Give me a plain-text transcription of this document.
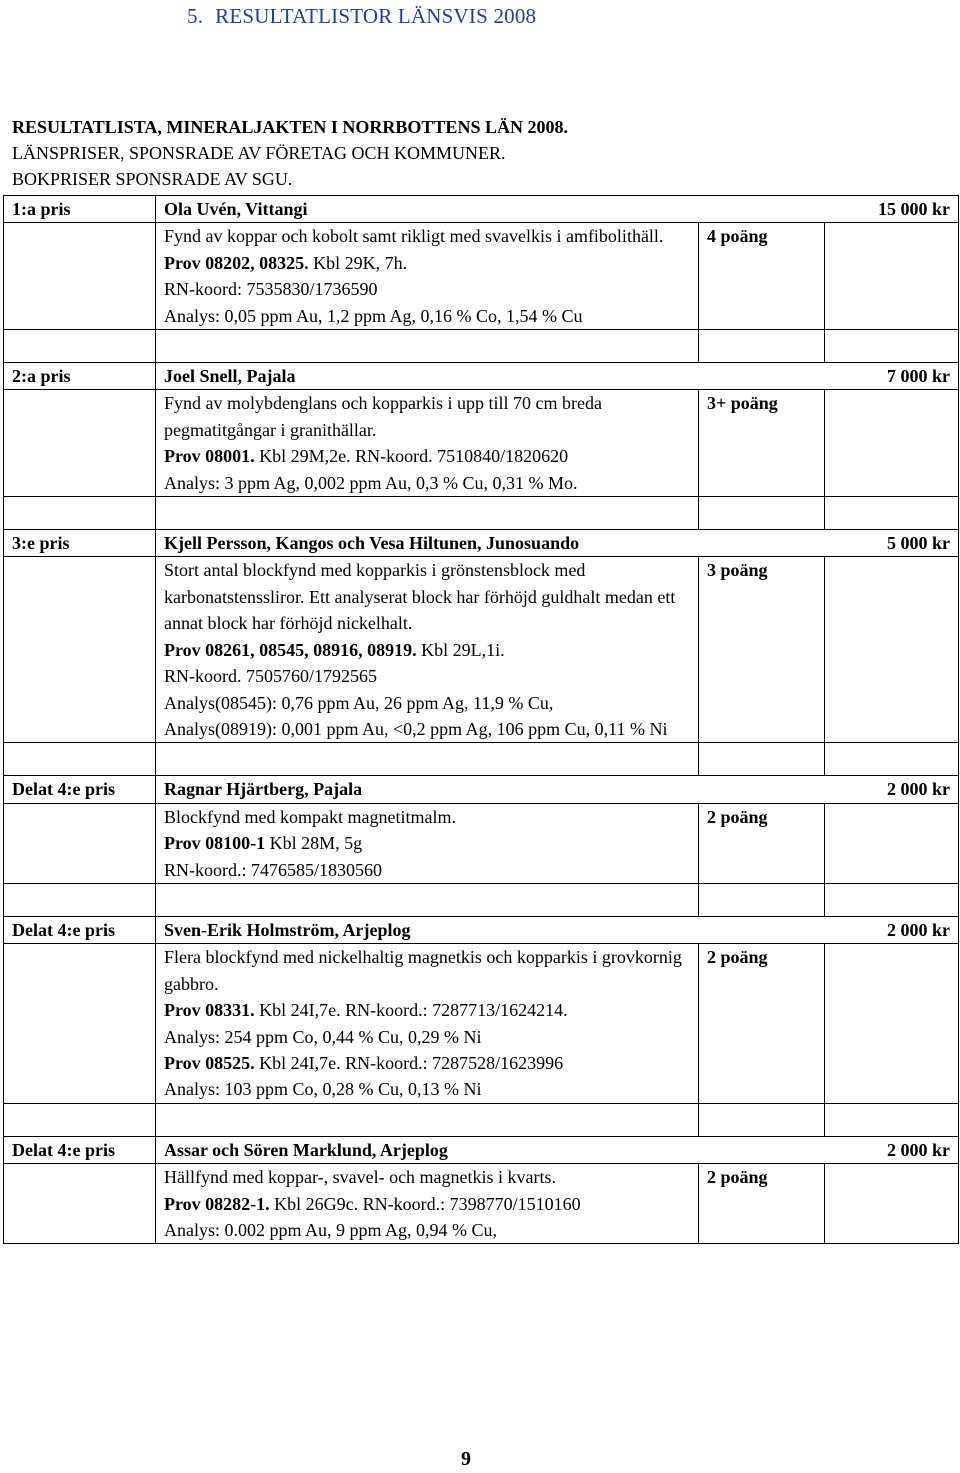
5. RESULTATLISTOR LÄNSVIS 2008
RESULTATLISTA, MINERALJAKTEN I NORRBOTTENS LÄN 2008.
LÄNSPRISER, SPONSRADE AV FÖRETAG OCH KOMMUNER.
BOKPRISER SPONSRADE AV SGU.
1:a pris	Ola Uvén, Vittangi		15 000 kr

	Fynd av koppar och kobolt samt rikligt med svavelkis i amfibolithäll.
Prov 08202, 08325. Kbl 29K, 7h.
RN-koord: 7535830/1736590
Analys: 0,05 ppm Au, 1,2 ppm Ag, 0,16 % Co, 1,54 % Cu	4 poäng	

2:a pris	Joel Snell, Pajala		7 000 kr

	Fynd av molybdenglans och kopparkis i upp till 70 cm breda pegmatitgångar i granithällar.
Prov 08001. Kbl 29M,2e. RN-koord. 7510840/1820620
Analys: 3 ppm Ag, 0,002 ppm Au, 0,3 % Cu, 0,31 % Mo.	3+ poäng	

3:e pris	Kjell Persson, Kangos och Vesa Hiltunen, Junosuando		5 000 kr

	Stort antal blockfynd med kopparkis i grönstensblock med karbonatstenssliror. Ett analyserat block har förhöjd guldhalt medan ett annat block har förhöjd nickelhalt.
Prov 08261, 08545, 08916, 08919. Kbl 29L,1i.
RN-koord. 7505760/1792565
Analys(08545): 0,76 ppm Au, 26 ppm Ag, 11,9 % Cu,
Analys(08919): 0,001 ppm Au, <0,2 ppm Ag, 106 ppm Cu, 0,11 % Ni	3 poäng	

Delat 4:e pris	Ragnar Hjärtberg, Pajala		2 000 kr

	Blockfynd med kompakt magnetitmalm.
Prov 08100-1 Kbl 28M, 5g
RN-koord.: 7476585/1830560	2 poäng	

Delat 4:e pris	Sven-Erik Holmström, Arjeplog		2 000 kr

	Flera blockfynd med nickelhaltig magnetkis och kopparkis i grovkornig gabbro.
Prov 08331. Kbl 24I,7e. RN-koord.: 7287713/1624214.
Analys: 254 ppm Co, 0,44 % Cu, 0,29 % Ni
Prov 08525. Kbl 24I,7e. RN-koord.: 7287528/1623996
Analys: 103 ppm Co, 0,28 % Cu, 0,13 % Ni	2 poäng	

Delat 4:e pris	Assar och Sören Marklund, Arjeplog		2 000 kr

	Hällfynd med koppar-, svavel- och magnetkis i kvarts.
Prov 08282-1. Kbl 26G9c. RN-koord.: 7398770/1510160
Analys: 0.002 ppm Au, 9 ppm Ag, 0,94 % Cu,	2 poäng	
9
